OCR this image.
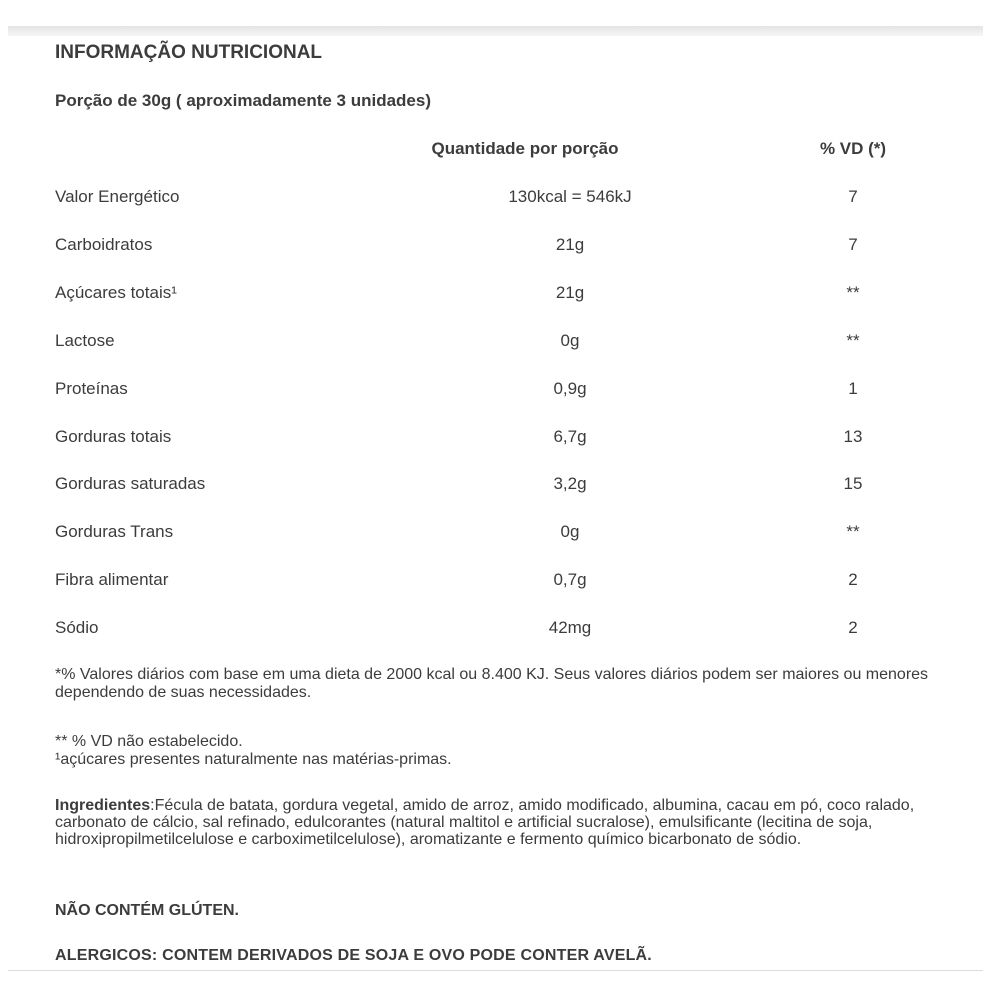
INFORMAÇÃO NUTRICIONAL
Porção de 30g ( aproximadamente 3 unidades)
Quantidade por porção	% VD (*)
Valor Energético	130kcal = 546kJ	7
Carboidratos	21g	7
Açúcares totais¹	21g	**
Lactose	0g	**
Proteínas	0,9g	1
Gorduras totais	6,7g	13
Gorduras saturadas	3,2g	15
Gorduras Trans	0g	**
Fibra alimentar	0,7g	2
Sódio	42mg	2
*% Valores diários com base em uma dieta de 2000 kcal ou 8.400 KJ. Seus valores diários podem ser maiores ou menores dependendo de suas necessidades.
** % VD não estabelecido.
¹açúcares presentes naturalmente nas matérias-primas.
Ingredientes:Fécula de batata, gordura vegetal, amido de arroz, amido modificado, albumina, cacau em pó, coco ralado, carbonato de cálcio, sal refinado, edulcorantes (natural maltitol e artificial sucralose), emulsificante (lecitina de soja, hidroxipropilmetilcelulose e carboximetilcelulose), aromatizante e fermento químico bicarbonato de sódio.
NÃO CONTÉM GLÚTEN.
ALERGICOS: CONTEM DERIVADOS DE SOJA E OVO PODE CONTER AVELÃ.
